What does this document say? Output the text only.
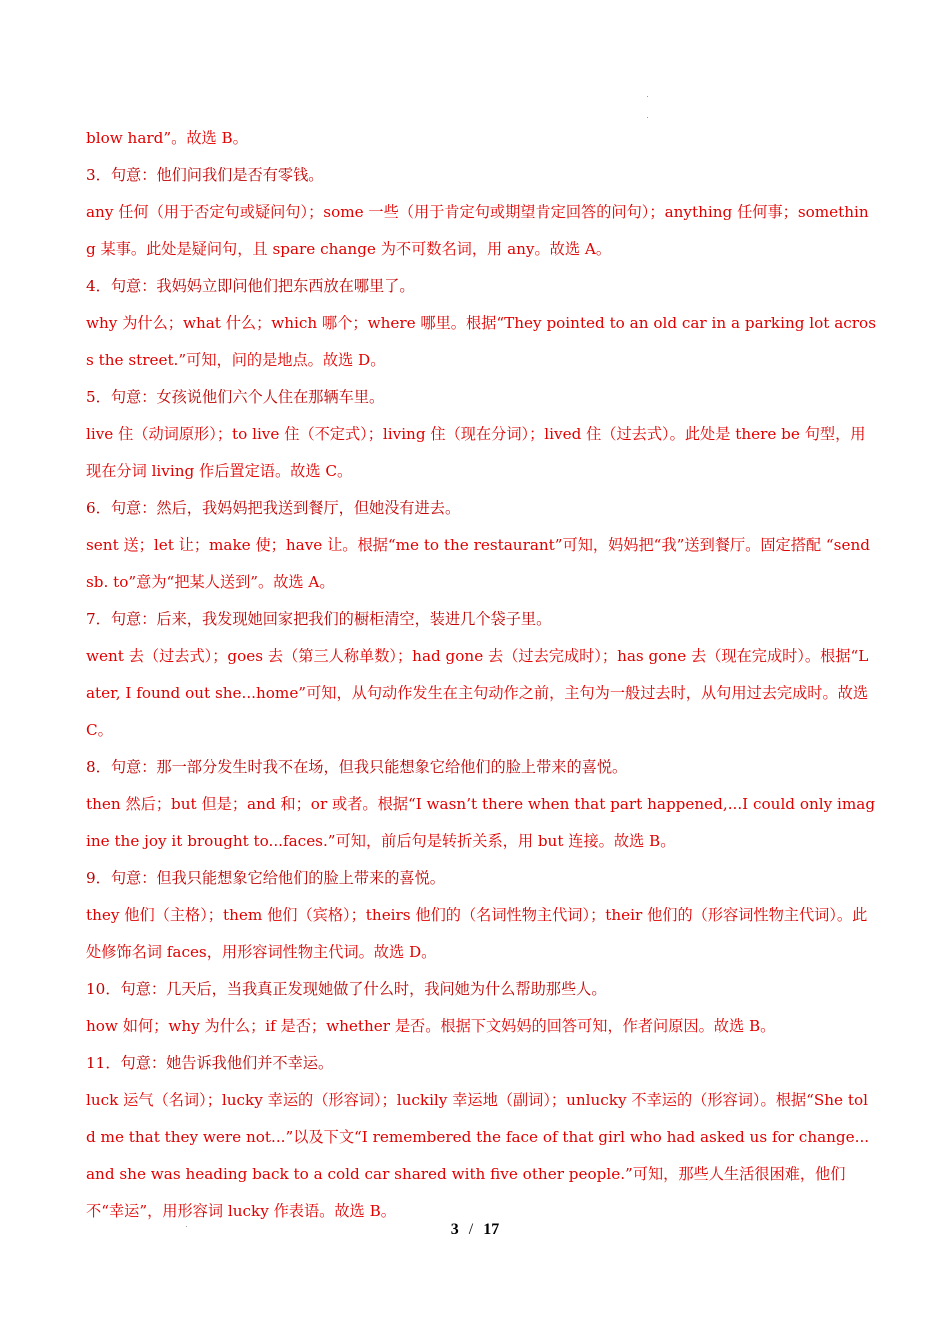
blow hard”。故选 B。

3．句意：他们问我们是否有零钱。

any 任何（用于否定句或疑问句）；some 一些（用于肯定句或期望肯定回答的问句）；anything 任何事；something 某事。此处是疑问句，且 spare change 为不可数名词，用 any。故选 A。

4．句意：我妈妈立即问他们把东西放在哪里了。

why 为什么；what 什么；which 哪个；where 哪里。根据“They pointed to an old car in a parking lot across the street.”可知，问的是地点。故选 D。

5．句意：女孩说他们六个人住在那辆车里。

live 住（动词原形）；to live 住（不定式）；living 住（现在分词）；lived 住（过去式）。此处是 there be 句型，用现在分词 living 作后置定语。故选 C。

6．句意：然后，我妈妈把我送到餐厅，但她没有进去。

sent 送；let 让；make 使；have 让。根据“me to the restaurant”可知，妈妈把“我”送到餐厅。固定搭配 “send sb. to”意为“把某人送到”。故选 A。

7．句意：后来，我发现她回家把我们的橱柜清空，装进几个袋子里。

went 去（过去式）；goes 去（第三人称单数）；had gone 去（过去完成时）；has gone 去（现在完成时）。根据“Later, I found out she...home”可知，从句动作发生在主句动作之前，主句为一般过去时，从句用过去完成时。故选 C。

8．句意：那一部分发生时我不在场，但我只能想象它给他们的脸上带来的喜悦。

then 然后；but 但是；and 和；or 或者。根据“I wasn’t there when that part happened,...I could only imagine the joy it brought to...faces.”可知，前后句是转折关系，用 but 连接。故选 B。

9．句意：但我只能想象它给他们的脸上带来的喜悦。

they 他们（主格）；them 他们（宾格）；theirs 他们的（名词性物主代词）；their 他们的（形容词性物主代词）。此处修饰名词 faces，用形容词性物主代词。故选 D。

10．句意：几天后，当我真正发现她做了什么时，我问她为什么帮助那些人。

how 如何；why 为什么；if 是否；whether 是否。根据下文妈妈的回答可知，作者问原因。故选 B。

11．句意：她告诉我他们并不幸运。

luck 运气（名词）；lucky 幸运的（形容词）；luckily 幸运地（副词）；unlucky 不幸运的（形容词）。根据“She told me that they were not...”以及下文“I remembered the face of that girl who had asked us for change...and she was heading back to a cold car shared with five other people.”可知，那些人生活很困难，他们不“幸运”，用形容词 lucky 作表语。故选 B。

3 / 17
